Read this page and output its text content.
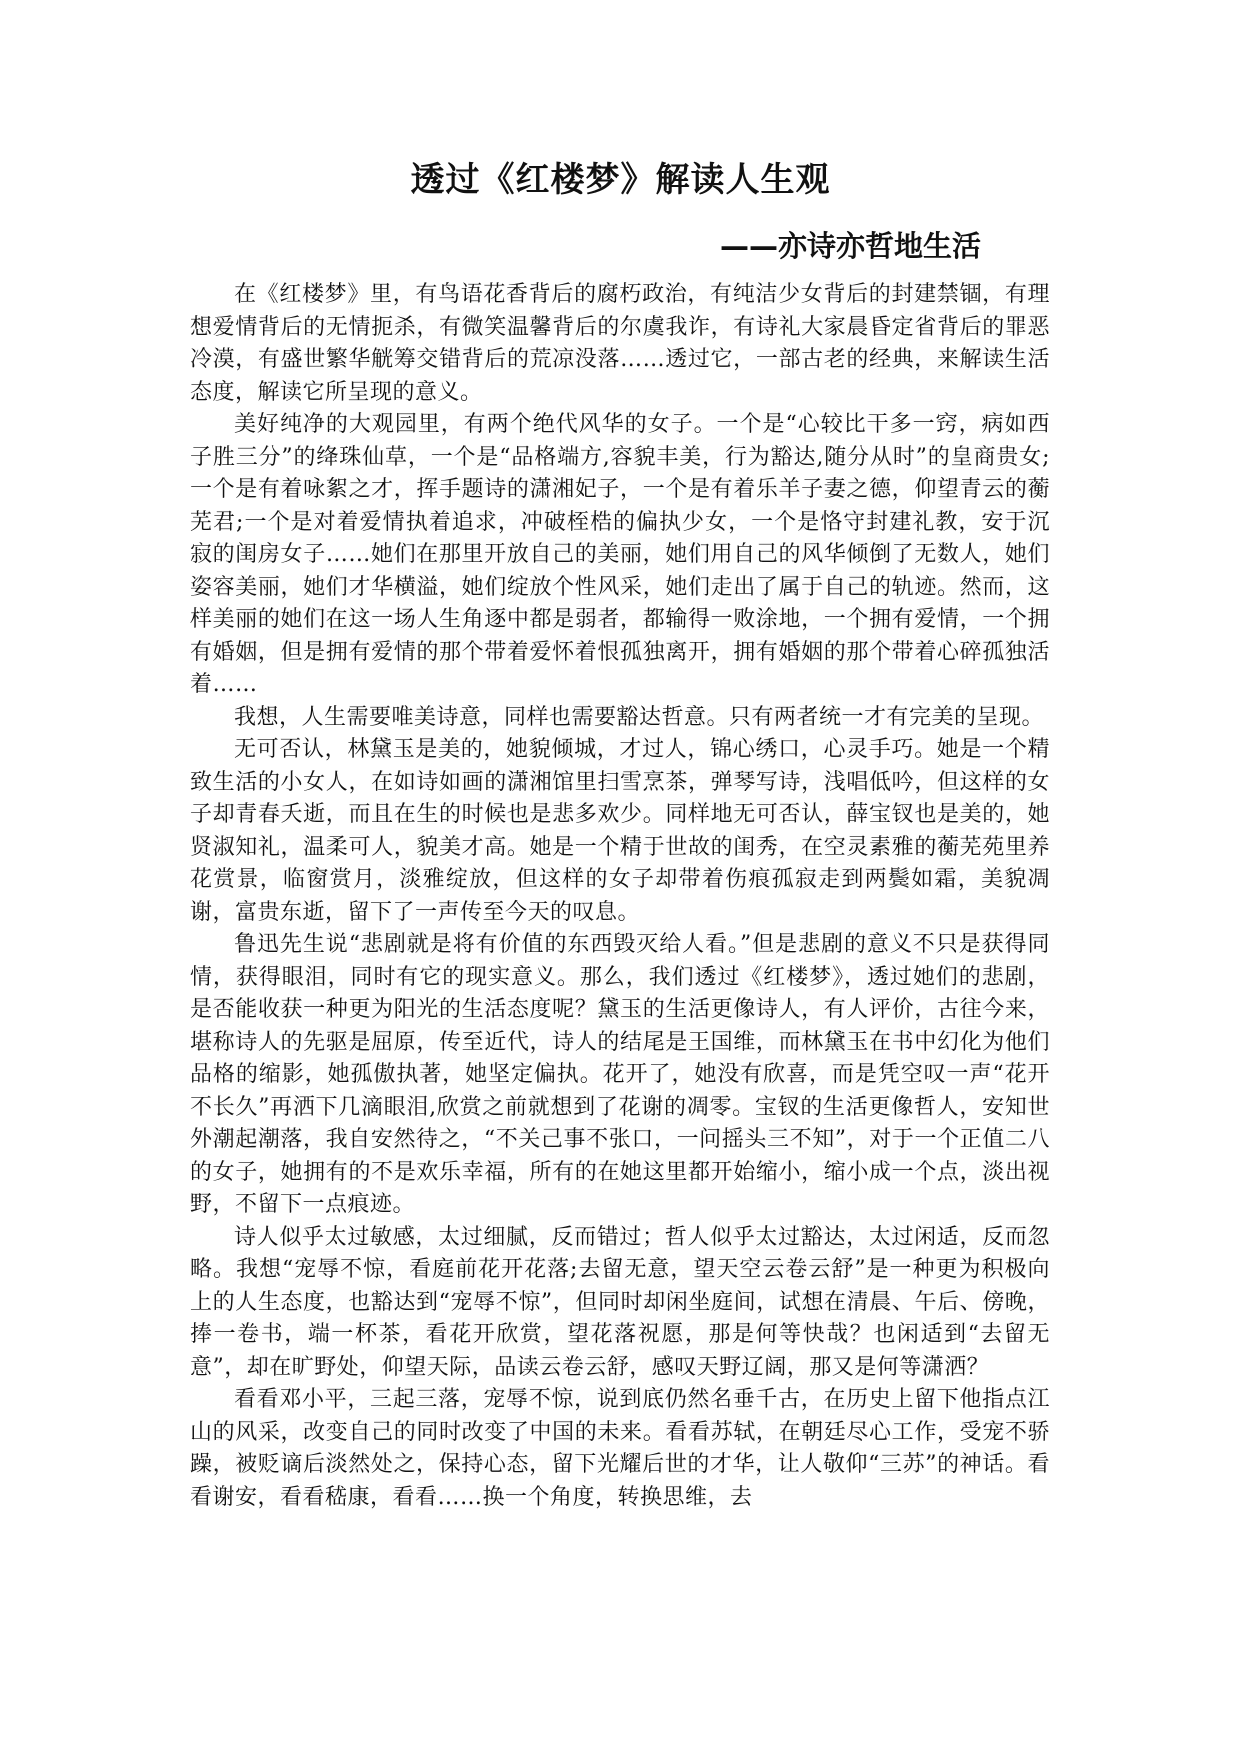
透过《红楼梦》解读人生观
——亦诗亦哲地生活

在《红楼梦》里，有鸟语花香背后的腐朽政治，有纯洁少女背后的封建禁锢，有理想爱情背后的无情扼杀，有微笑温馨背后的尔虞我诈，有诗礼大家晨昏定省背后的罪恶冷漠，有盛世繁华觥筹交错背后的荒凉没落……透过它，一部古老的经典，来解读生活态度，解读它所呈现的意义。

美好纯净的大观园里，有两个绝代风华的女子。一个是“心较比干多一窍，病如西子胜三分”的绛珠仙草，一个是“品格端方,容貌丰美，行为豁达,随分从时”的皇商贵女;一个是有着咏絮之才，挥手题诗的潇湘妃子，一个是有着乐羊子妻之德，仰望青云的蘅芜君;一个是对着爱情执着追求，冲破桎梏的偏执少女，一个是恪守封建礼教，安于沉寂的闺房女子……她们在那里开放自己的美丽，她们用自己的风华倾倒了无数人，她们姿容美丽，她们才华横溢，她们绽放个性风采，她们走出了属于自己的轨迹。然而，这样美丽的她们在这一场人生角逐中都是弱者，都输得一败涂地，一个拥有爱情，一个拥有婚姻，但是拥有爱情的那个带着爱怀着恨孤独离开，拥有婚姻的那个带着心碎孤独活着……

我想，人生需要唯美诗意，同样也需要豁达哲意。只有两者统一才有完美的呈现。

无可否认，林黛玉是美的，她貌倾城，才过人，锦心绣口，心灵手巧。她是一个精致生活的小女人，在如诗如画的潇湘馆里扫雪烹茶，弹琴写诗，浅唱低吟，但这样的女子却青春夭逝，而且在生的时候也是悲多欢少。同样地无可否认，薛宝钗也是美的，她贤淑知礼，温柔可人，貌美才高。她是一个精于世故的闺秀，在空灵素雅的蘅芜苑里养花赏景，临窗赏月，淡雅绽放，但这样的女子却带着伤痕孤寂走到两鬓如霜，美貌凋谢，富贵东逝，留下了一声传至今天的叹息。

鲁迅先生说“悲剧就是将有价值的东西毁灭给人看。”但是悲剧的意义不只是获得同情，获得眼泪，同时有它的现实意义。那么，我们透过《红楼梦》，透过她们的悲剧，是否能收获一种更为阳光的生活态度呢？黛玉的生活更像诗人，有人评价，古往今来，堪称诗人的先驱是屈原，传至近代，诗人的结尾是王国维，而林黛玉在书中幻化为他们品格的缩影，她孤傲执著，她坚定偏执。花开了，她没有欣喜，而是凭空叹一声“花开不长久”再洒下几滴眼泪,欣赏之前就想到了花谢的凋零。宝钗的生活更像哲人，安知世外潮起潮落，我自安然待之，“不关己事不张口，一问摇头三不知”，对于一个正值二八的女子，她拥有的不是欢乐幸福，所有的在她这里都开始缩小，缩小成一个点，淡出视野，不留下一点痕迹。

诗人似乎太过敏感，太过细腻，反而错过；哲人似乎太过豁达，太过闲适，反而忽略。我想“宠辱不惊，看庭前花开花落;去留无意，望天空云卷云舒”是一种更为积极向上的人生态度，也豁达到“宠辱不惊”，但同时却闲坐庭间，试想在清晨、午后、傍晚，捧一卷书，端一杯茶，看花开欣赏，望花落祝愿，那是何等快哉？也闲适到“去留无意”，却在旷野处，仰望天际，品读云卷云舒，感叹天野辽阔，那又是何等潇洒？

看看邓小平，三起三落，宠辱不惊，说到底仍然名垂千古，在历史上留下他指点江山的风采，改变自己的同时改变了中国的未来。看看苏轼，在朝廷尽心工作，受宠不骄躁，被贬谪后淡然处之，保持心态，留下光耀后世的才华，让人敬仰“三苏”的神话。看看谢安，看看嵇康，看看……换一个角度，转换思维，去
